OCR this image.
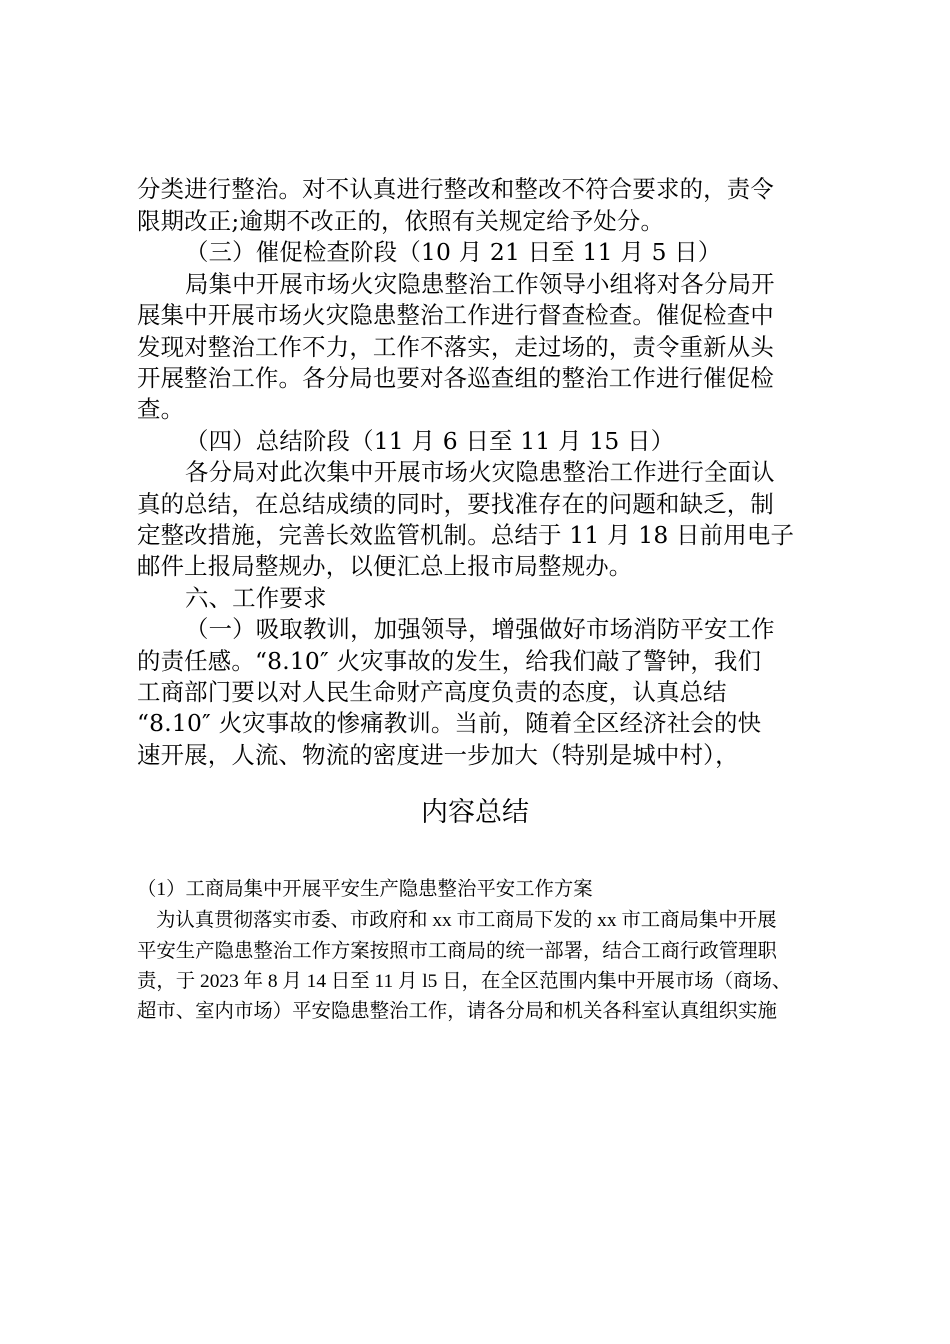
分类进行整治。对不认真进行整改和整改不符合要求的，责令
限期改正;逾期不改正的，依照有关规定给予处分。
（三）催促检查阶段（10 月 21 日至 11 月 5 日）
局集中开展市场火灾隐患整治工作领导小组将对各分局开
展集中开展市场火灾隐患整治工作进行督查检查。催促检查中
发现对整治工作不力，工作不落实，走过场的，责令重新从头
开展整治工作。各分局也要对各巡查组的整治工作进行催促检
查。
（四）总结阶段（11 月 6 日至 11 月 15 日）
各分局对此次集中开展市场火灾隐患整治工作进行全面认
真的总结，在总结成绩的同时，要找准存在的问题和缺乏，制
定整改措施，完善长效监管机制。总结于 11 月 18 日前用电子
邮件上报局整规办，以便汇总上报市局整规办。
六、工作要求
（一）吸取教训，加强领导，增强做好市场消防平安工作
的责任感。“8.10″ 火灾事故的发生，给我们敲了警钟，我们
工商部门要以对人民生命财产高度负责的态度，认真总结
“8.10″ 火灾事故的惨痛教训。当前，随着全区经济社会的快
速开展，人流、物流的密度进一步加大（特别是城中村），
内容总结
（1）工商局集中开展平安生产隐患整治平安工作方案
为认真贯彻落实市委、市政府和 xx 市工商局下发的 xx 市工商局集中开展
平安生产隐患整治工作方案按照市工商局的统一部署，结合工商行政管理职
责，于 2023 年 8 月 14 日至 11 月 l5 日，在全区范围内集中开展市场（商场、
超市、室内市场）平安隐患整治工作，请各分局和机关各科室认真组织实施
